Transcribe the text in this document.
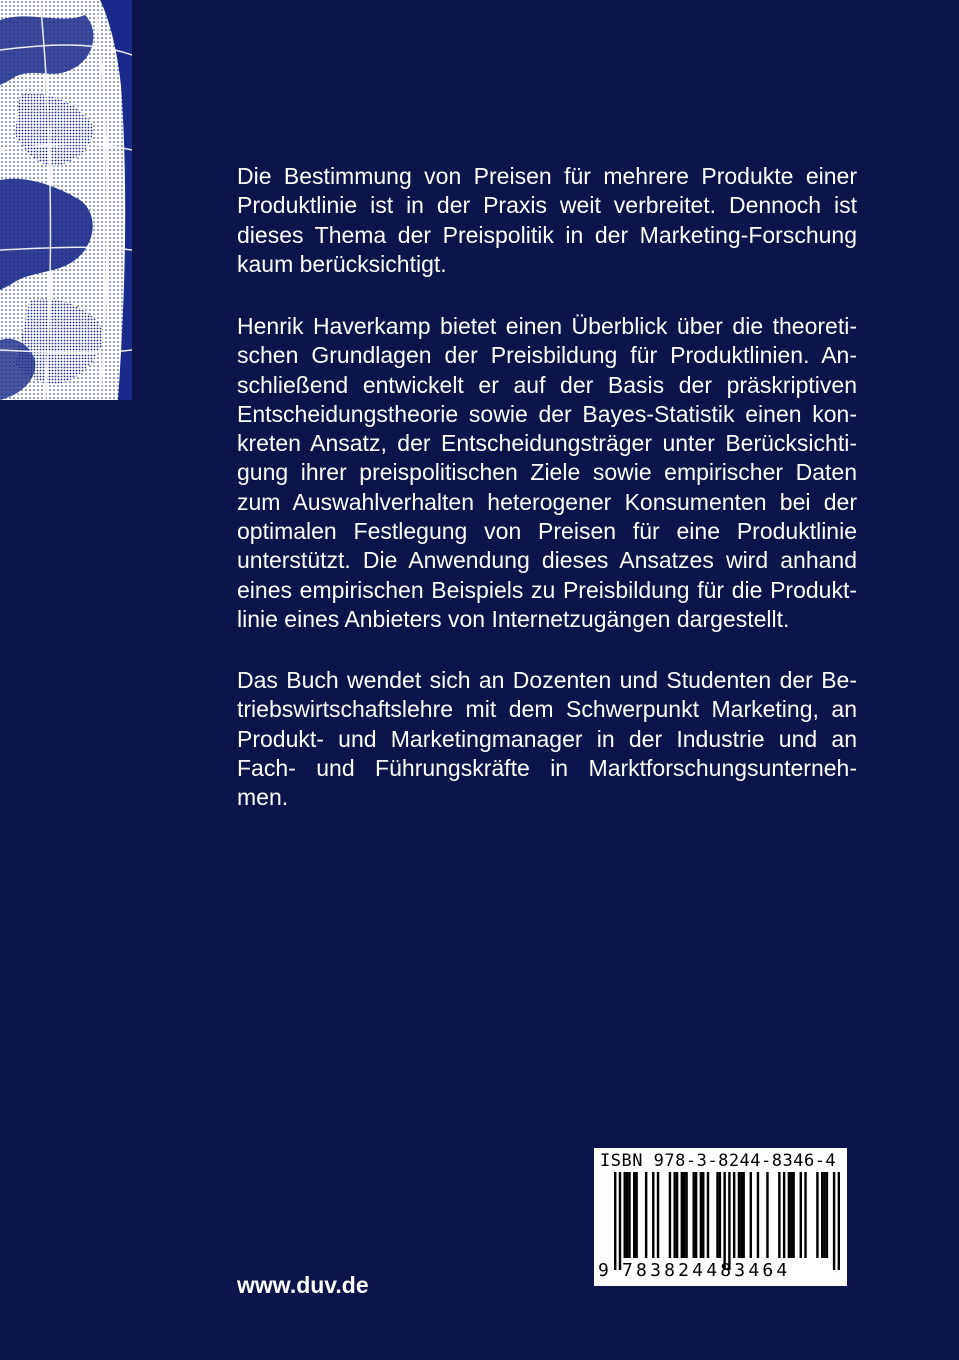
Die Bestimmung von Preisen für mehrere Produkte einer
Produktlinie ist in der Praxis weit verbreitet. Dennoch ist
dieses Thema der Preispolitik in der Marketing-Forschung
kaum berücksichtigt.
Henrik Haverkamp bietet einen Überblick über die theoreti-
schen Grundlagen der Preisbildung für Produktlinien. An-
schließend entwickelt er auf der Basis der präskriptiven
Entscheidungstheorie sowie der Bayes-Statistik einen kon-
kreten Ansatz, der Entscheidungsträger unter Berücksichti-
gung ihrer preispolitischen Ziele sowie empirischer Daten
zum Auswahlverhalten heterogener Konsumenten bei der
optimalen Festlegung von Preisen für eine Produktlinie
unterstützt. Die Anwendung dieses Ansatzes wird anhand
eines empirischen Beispiels zu Preisbildung für die Produkt-
linie eines Anbieters von Internetzugängen dargestellt.
Das Buch wendet sich an Dozenten und Studenten der Be-
triebswirtschaftslehre mit dem Schwerpunkt Marketing, an
Produkt- und Marketingmanager in der Industrie und an
Fach- und Führungskräfte in Marktforschungsunterneh-
men.

www.duv.de

ISBN 978-3-8244-8346-4
9 783824483464
